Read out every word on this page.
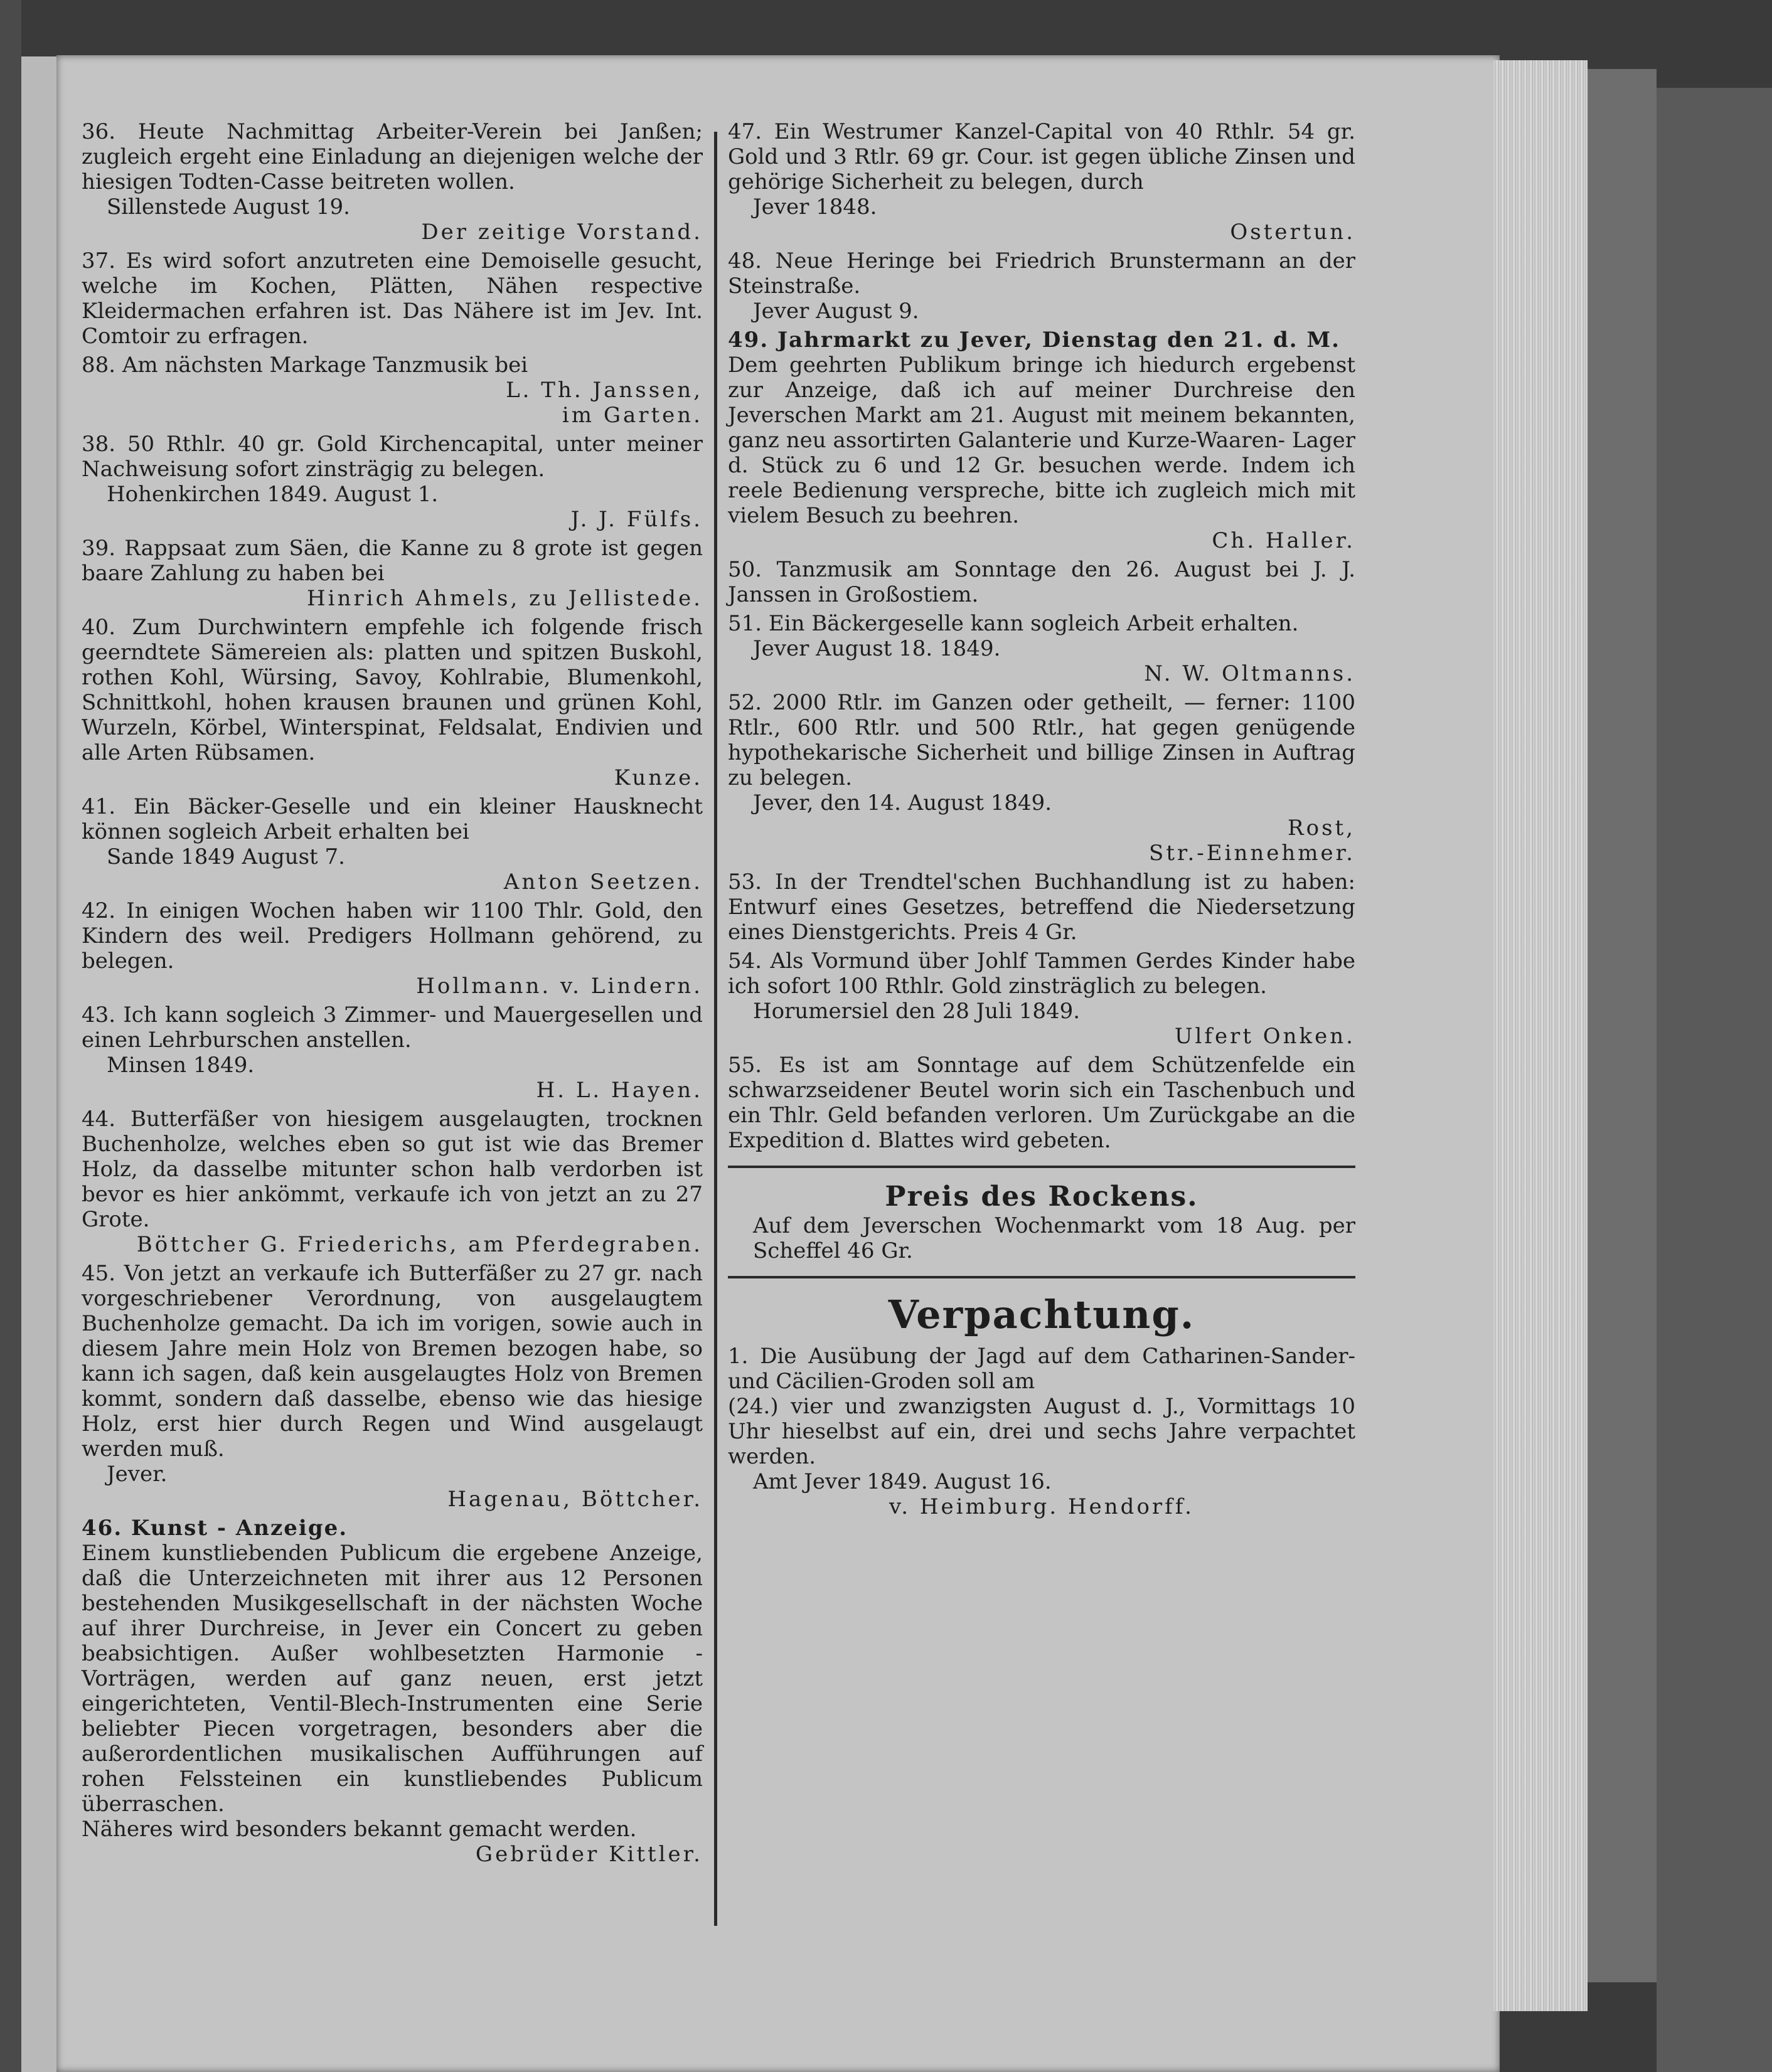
36. Heute Nachmittag Arbeiter-Verein bei Janßen; zugleich ergeht eine Einladung an diejenigen welche der hiesigen Todten-Casse beitreten wollen.

Sillenstede August 19.

Der zeitige Vorstand.

37. Es wird sofort anzutreten eine Demoiselle gesucht, welche im Kochen, Plätten, Nähen respective Kleidermachen erfahren ist. Das Nähere ist im Jev. Int. Comtoir zu erfragen.

88. Am nächsten Markage Tanzmusik bei

L. Th. Janssen,

im Garten.

38. 50 Rthlr. 40 gr. Gold Kirchencapital, unter meiner Nachweisung sofort zinsträgig zu belegen.

Hohenkirchen 1849. August 1.

J. J. Fülfs.

39. Rappsaat zum Säen, die Kanne zu 8 grote ist gegen baare Zahlung zu haben bei

Hinrich Ahmels, zu Jellistede.

40. Zum Durchwintern empfehle ich folgende frisch geerndtete Sämereien als: platten und spitzen Buskohl, rothen Kohl, Würsing, Savoy, Kohlrabie, Blumenkohl, Schnittkohl, hohen krausen braunen und grünen Kohl, Wurzeln, Körbel, Winterspinat, Feldsalat, Endivien und alle Arten Rübsamen.

Kunze.

41. Ein Bäcker-Geselle und ein kleiner Hausknecht können sogleich Arbeit erhalten bei

Sande 1849 August 7.

Anton Seetzen.

42. In einigen Wochen haben wir 1100 Thlr. Gold, den Kindern des weil. Predigers Hollmann gehörend, zu belegen.

Hollmann. v. Lindern.

43. Ich kann sogleich 3 Zimmer- und Mauergesellen und einen Lehrburschen anstellen.

Minsen 1849.

H. L. Hayen.

44. Butterfäßer von hiesigem ausgelaugten, trocknen Buchenholze, welches eben so gut ist wie das Bremer Holz, da dasselbe mitunter schon halb verdorben ist bevor es hier ankömmt, verkaufe ich von jetzt an zu 27 Grote.

Böttcher G. Friederichs, am Pferdegraben.

45. Von jetzt an verkaufe ich Butterfäßer zu 27 gr. nach vorgeschriebener Verordnung, von ausgelaugtem Buchenholze gemacht. Da ich im vorigen, sowie auch in diesem Jahre mein Holz von Bremen bezogen habe, so kann ich sagen, daß kein ausgelaugtes Holz von Bremen kommt, sondern daß dasselbe, ebenso wie das hiesige Holz, erst hier durch Regen und Wind ausgelaugt werden muß.

Jever.

Hagenau, Böttcher.

46. Kunst - Anzeige.

Einem kunstliebenden Publicum die ergebene Anzeige, daß die Unterzeichneten mit ihrer aus 12 Personen bestehenden Musikgesellschaft in der nächsten Woche auf ihrer Durchreise, in Jever ein Concert zu geben beabsichtigen. Außer wohlbesetzten Harmonie - Vorträgen, werden auf ganz neuen, erst jetzt eingerichteten, Ventil-Blech-Instrumenten eine Serie beliebter Piecen vorgetragen, besonders aber die außerordentlichen musikalischen Aufführungen auf rohen Felssteinen ein kunstliebendes Publicum überraschen.

Näheres wird besonders bekannt gemacht werden.

Gebrüder Kittler.

47. Ein Westrumer Kanzel-Capital von 40 Rthlr. 54 gr. Gold und 3 Rtlr. 69 gr. Cour. ist gegen übliche Zinsen und gehörige Sicherheit zu belegen, durch

Jever 1848.

Ostertun.

48. Neue Heringe bei Friedrich Brunstermann an der Steinstraße.

Jever August 9.

49. Jahrmarkt zu Jever, Dienstag den 21. d. M.

Dem geehrten Publikum bringe ich hiedurch ergebenst zur Anzeige, daß ich auf meiner Durchreise den Jeverschen Markt am 21. August mit meinem bekannten, ganz neu assortirten Galanterie und Kurze-Waaren- Lager d. Stück zu 6 und 12 Gr. besuchen werde. Indem ich reele Bedienung verspreche, bitte ich zugleich mich mit vielem Besuch zu beehren.

Ch. Haller.

50. Tanzmusik am Sonntage den 26. August bei J. J. Janssen in Großostiem.

51. Ein Bäckergeselle kann sogleich Arbeit erhalten.

Jever August 18. 1849.

N. W. Oltmanns.

52. 2000 Rtlr. im Ganzen oder getheilt, — ferner: 1100 Rtlr., 600 Rtlr. und 500 Rtlr., hat gegen genügende hypothekarische Sicherheit und billige Zinsen in Auftrag zu belegen.

Jever, den 14. August 1849.

Rost,

Str.-Einnehmer.

53. In der Trendtel'schen Buchhandlung ist zu haben: Entwurf eines Gesetzes, betreffend die Niedersetzung eines Dienstgerichts. Preis 4 Gr.

54. Als Vormund über Johlf Tammen Gerdes Kinder habe ich sofort 100 Rthlr. Gold zinsträglich zu belegen.

Horumersiel den 28 Juli 1849.

Ulfert Onken.

55. Es ist am Sonntage auf dem Schützenfelde ein schwarzseidener Beutel worin sich ein Taschenbuch und ein Thlr. Geld befanden verloren. Um Zurückgabe an die Expedition d. Blattes wird gebeten.

Preis des Rockens.

Auf dem Jeverschen Wochenmarkt vom 18 Aug. per Scheffel 46 Gr.

Verpachtung.

1. Die Ausübung der Jagd auf dem Catharinen-Sander- und Cäcilien-Groden soll am

(24.) vier und zwanzigsten August d. J., Vormittags 10 Uhr hieselbst auf ein, drei und sechs Jahre verpachtet werden.

Amt Jever 1849. August 16.

v. Heimburg. Hendorff.
